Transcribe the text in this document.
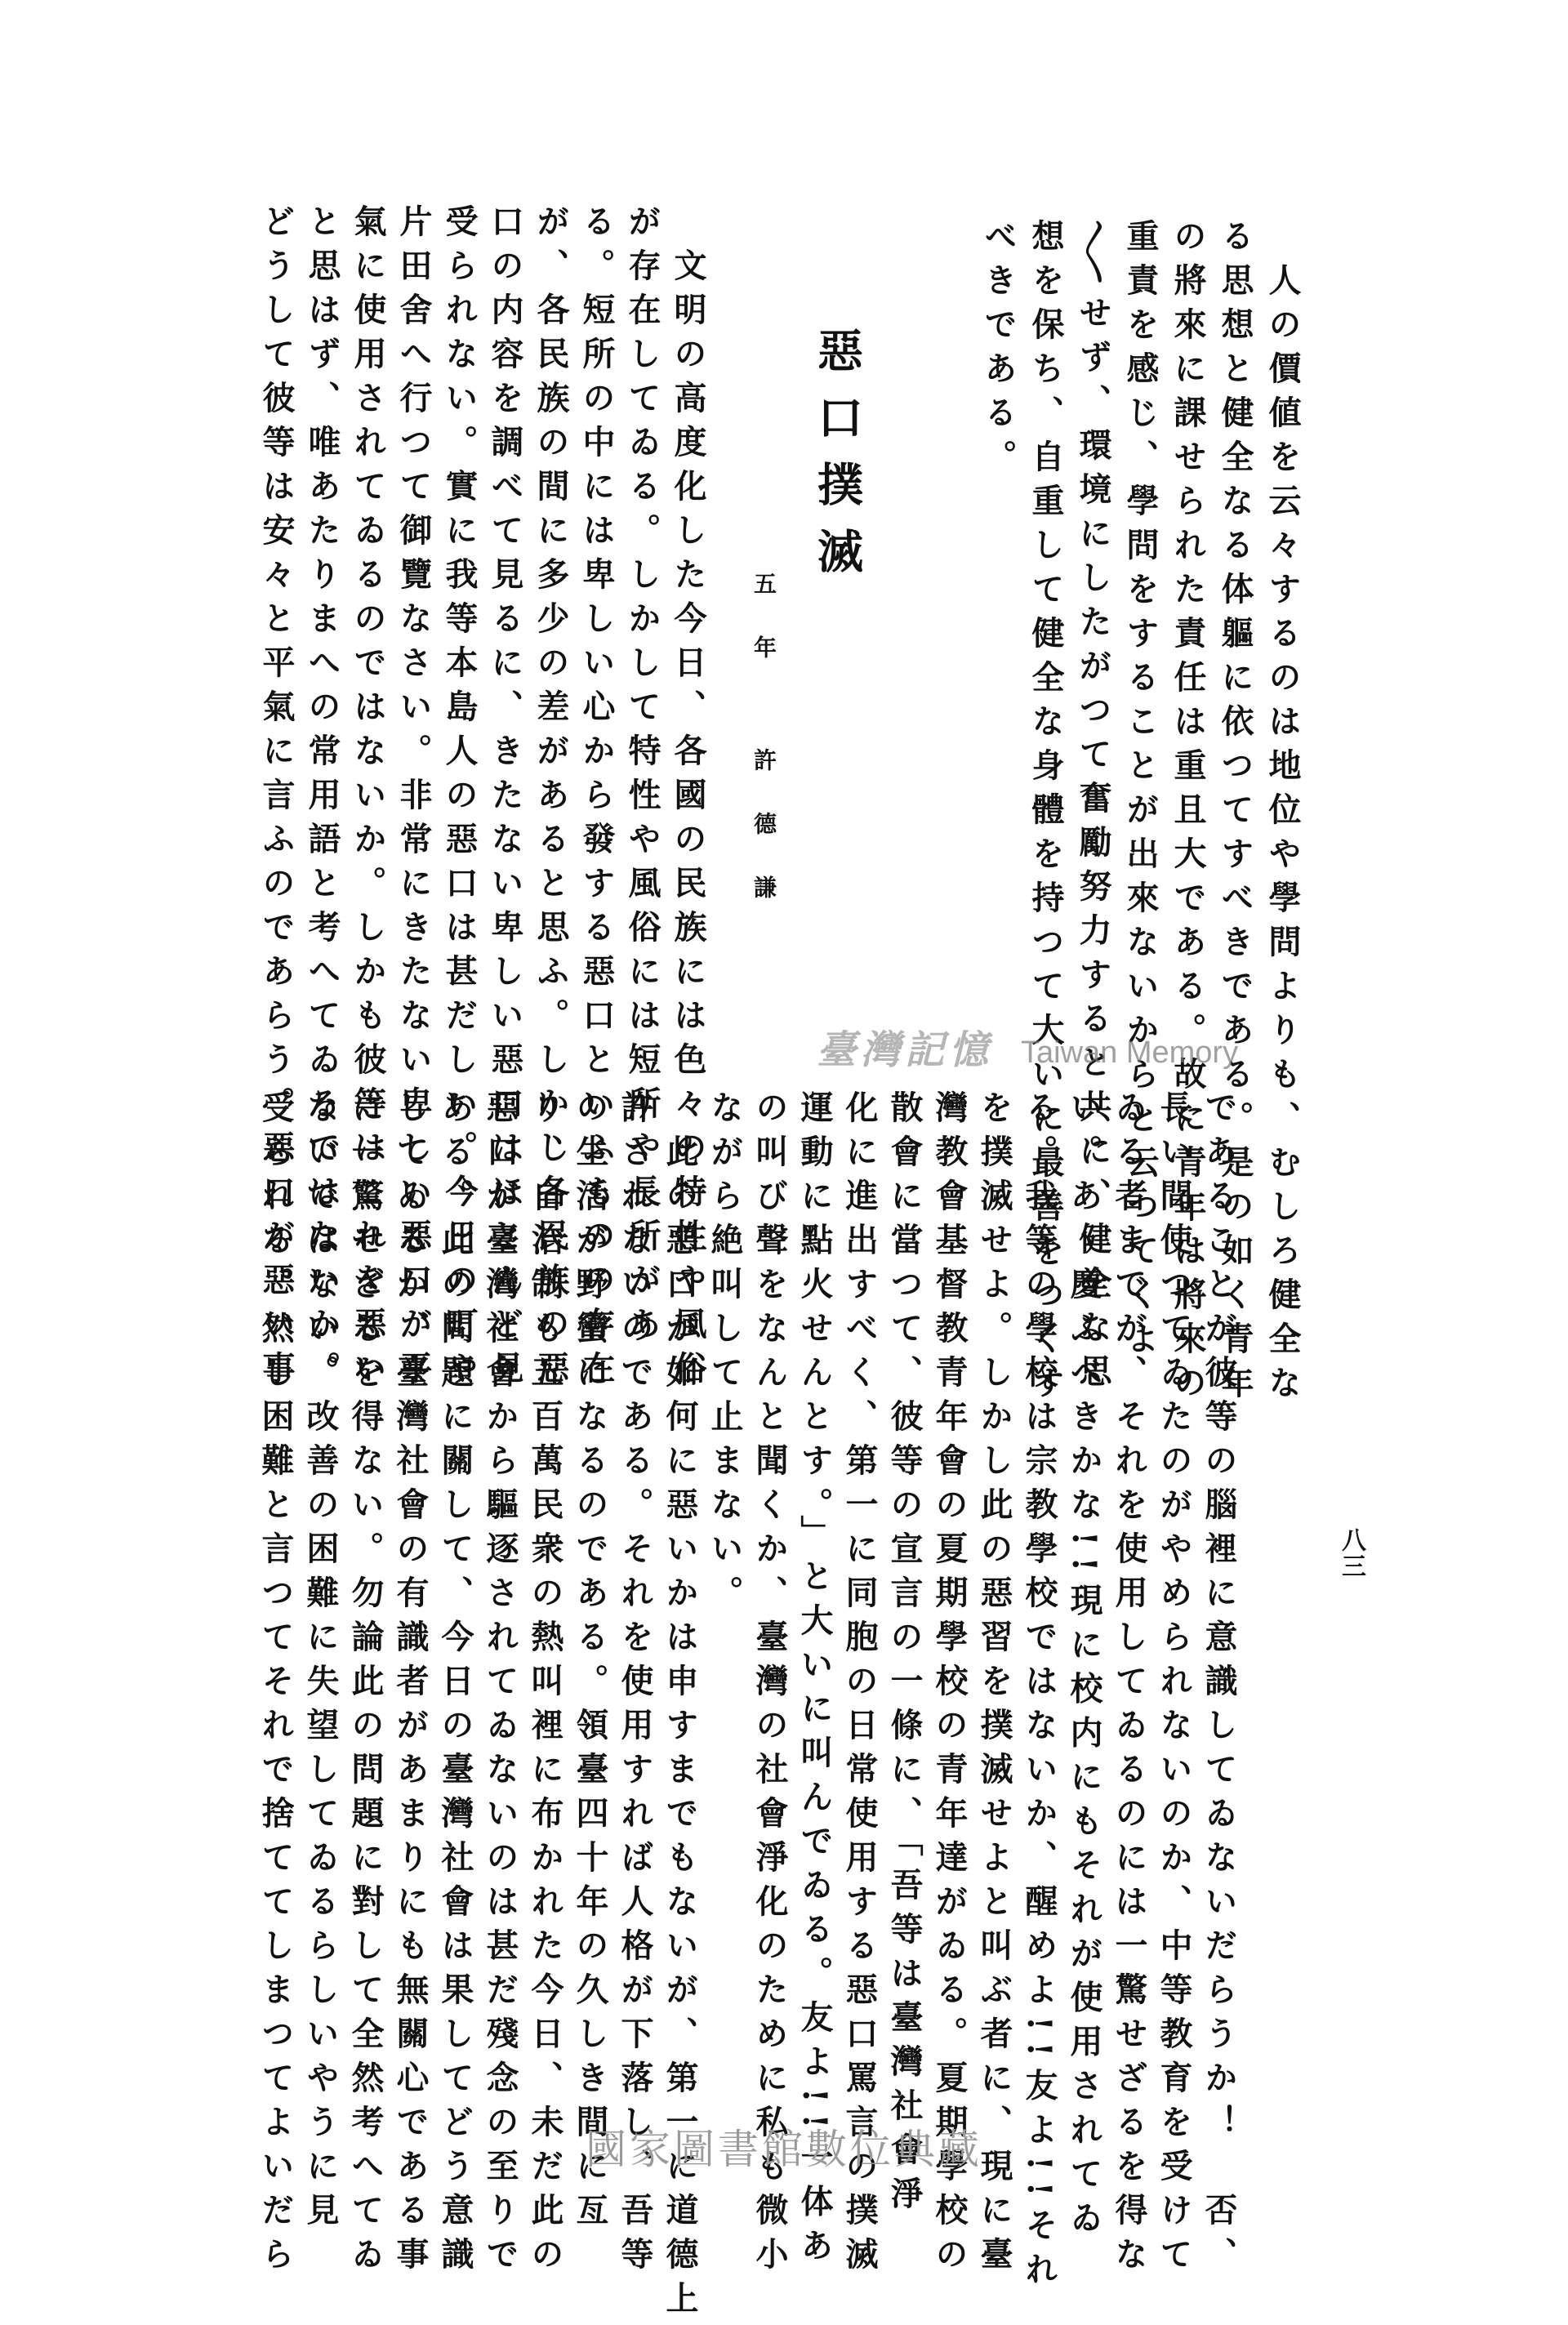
　人の價値を云々するのは地位や學問よりも、むしろ健全な
る思想と健全なる体軀に依つてすべきである。是の如く青年
の將來に課せられた責任は重且大である。故に青年は將來の
重責を感じ、學問をすることが出來ないからと云つてくよ
〳〵せず、環境にしたがつて奮勵努力すると共に、健全な思
想を保ち、自重して健全な身體を持つて大いに最善をつくす
べきである。
惡口撲滅
五年 許德謙
　文明の高度化した今日、各國の民族には色々の特性や風俗
が存在してゐる。しかして特性や風俗には短所や長所があ
る。短所の中には卑しい心から發する惡口といふものの存在
が、各民族の間に多少の差があると思ふ。しかし各民族の惡
口の内容を調べて見るに、きたない卑しい惡口はほとんど見
受られない。實に我等本島人の惡口は甚だしい。今日の町や
片田舍へ行つて御覽なさい。非常にきたない卑しい惡口が平
氣に使用されてゐるのではないか。しかも彼等はこれを惡い
と思はず、唯あたりまへの常用語と考へてゐるではないか。
どうして彼等は安々と平氣に言ふのであらう。惡口が惡い事	臺灣記憶 Taiwan Memory
であることが彼等の腦裡に意識してゐないだらうか！　否、
長い間使つてゐたのがやめられないのか、中等教育を受けて
ゐる者までが、それを使用してゐるのには一驚せざるを得な
い。あゝ慶ふべきかな!!現に校内にもそれが使用されてゐ
る。我等の學校は宗教學校ではないか、醒めよ!!友よ!!それ
を撲滅せよ。しかし此の惡習を撲滅せよと叫ぶ者に、現に臺
灣教會基督教青年會の夏期學校の青年達がゐる。夏期學校の
散會に當つて、彼等の宣言の一條に、「吾等は臺灣社會淨
化に進出すべく、第一に同胞の日常使用する惡口罵言の撲滅
運動に點火せんとす。」と大いに叫んでゐる。友よ!!一体あ
の叫び聲をなんと聞くか、臺灣の社會淨化のために私も微小
ながら絶叫して止まない。
　此の惡口が如何に惡いかは申すまでもないが、第一に道德上
許されないのである。それを使用すれば人格が下落し、吾等
の生活が野蠻になるのである。領臺四十年の久しき間に亙
り、自治制も五百萬民衆の熱叫裡に布かれた今日、未だ此の
惡口が臺灣社會から驅逐されてゐないのは甚だ殘念の至りで
ある。此の問題に關して、今日の臺灣社會は果してどう意識
してゐるか、臺灣社會の有識者があまりにも無關心である事
に一驚せざるを得ない。勿論此の問題に對して全然考へてゐ
ないではない。改善の困難に失望してゐるらしいやうに見
受られる。然し困難と言つてそれで捨ててしまつてよいだら	八三
國家圖書館數位典藏
